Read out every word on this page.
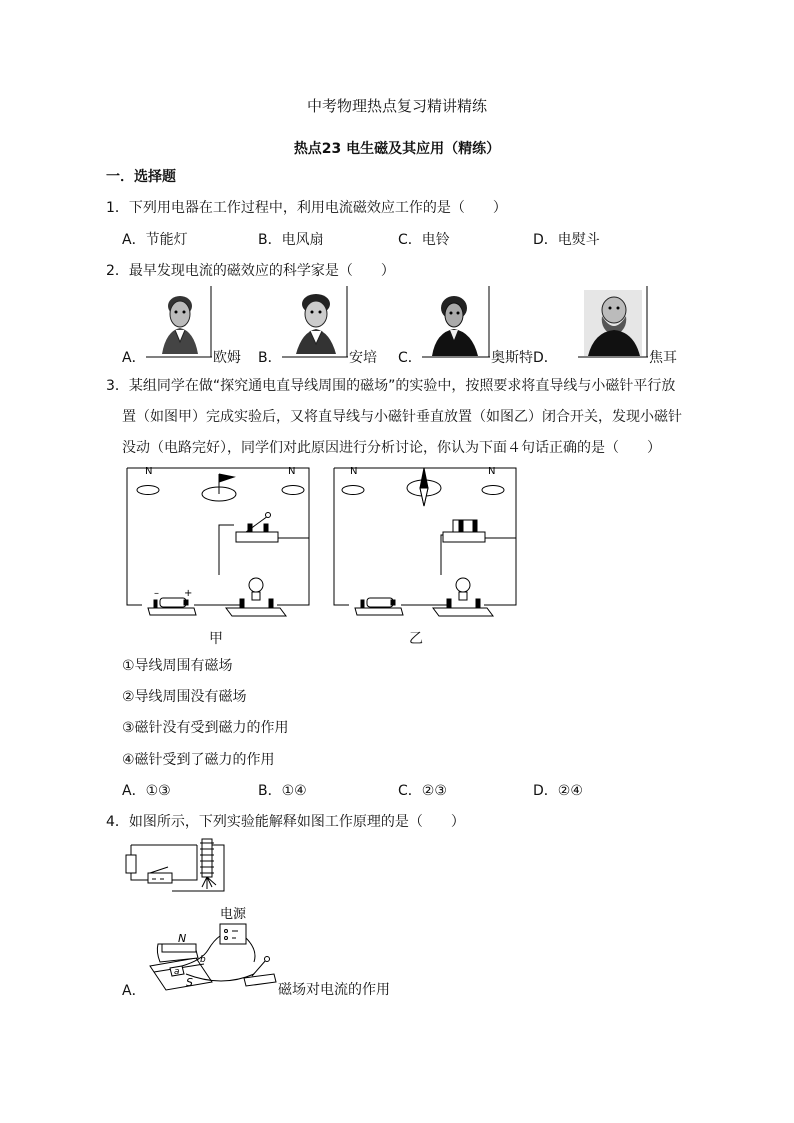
中考物理热点复习精讲精练
热点23 电生磁及其应用（精练）
一．选择题
1．下列用电器在工作过程中，利用电流磁效应工作的是（　　）
A．节能灯	B．电风扇	C．电铃	D．电熨斗
2．最早发现电流的磁效应的科学家是（　　）
A．	欧姆 B．	安培 C．	奥斯特 D．	焦耳
3．某组同学在做“探究通电直导线周围的磁场”的实验中，按照要求将直导线与小磁针平行放
置（如图甲）完成实验后，又将直导线与小磁针垂直放置（如图乙）闭合开关，发现小磁针
没动（电路完好），同学们对此原因进行分析讨论，你认为下面４句话正确的是（　　）
N	N
–	+
甲
N	N
乙
①导线周围有磁场
②导线周围没有磁场
③磁针没有受到磁力的作用
④磁针受到了磁力的作用
A．①③	B．①④	C．②③	D．②④
4．如图所示，下列实验能解释如图工作原理的是（　　）
电源
N
S
a
b
A．	磁场对电流的作用
